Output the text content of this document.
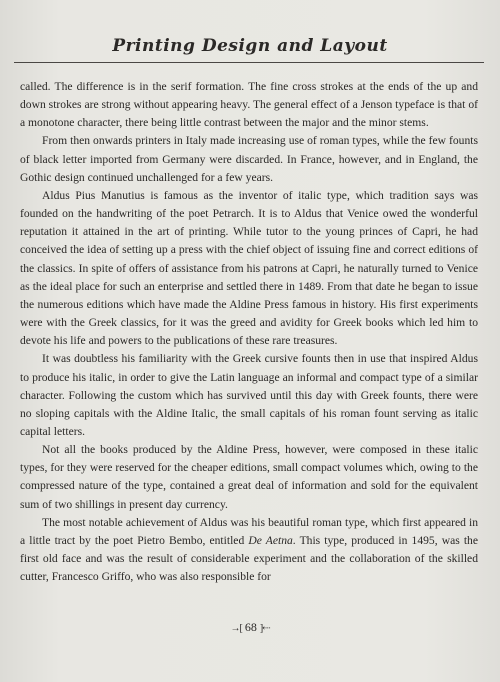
Printing Design and Layout

called. The difference is in the serif formation. The fine cross strokes at the ends of the up and down strokes are strong without appearing heavy. The general effect of a Jenson typeface is that of a monotone character, there being little contrast between the major and the minor stems.

From then onwards printers in Italy made increasing use of roman types, while the few founts of black letter imported from Germany were discarded. In France, however, and in England, the Gothic design continued unchallenged for a few years.

Aldus Pius Manutius is famous as the inventor of italic type, which tradition says was founded on the handwriting of the poet Petrarch. It is to Aldus that Venice owed the wonderful reputation it attained in the art of printing. While tutor to the young princes of Capri, he had conceived the idea of setting up a press with the chief object of issuing fine and correct editions of the classics. In spite of offers of assistance from his patrons at Capri, he naturally turned to Venice as the ideal place for such an enterprise and settled there in 1489. From that date he began to issue the numerous editions which have made the Aldine Press famous in history. His first experiments were with the Greek classics, for it was the greed and avidity for Greek books which led him to devote his life and powers to the publications of these rare treasures.

It was doubtless his familiarity with the Greek cursive founts then in use that inspired Aldus to produce his italic, in order to give the Latin language an informal and compact type of a similar character. Following the custom which has survived until this day with Greek founts, there were no sloping capitals with the Aldine Italic, the small capitals of his roman fount serving as italic capital letters.

Not all the books produced by the Aldine Press, however, were composed in these italic types, for they were reserved for the cheaper editions, small compact volumes which, owing to the compressed nature of the type, contained a great deal of information and sold for the equivalent sum of two shillings in present day currency.

The most notable achievement of Aldus was his beautiful roman type, which first appeared in a little tract by the poet Pietro Bembo, entitled De Aetna. This type, produced in 1495, was the first old face and was the result of considerable experiment and the collaboration of the skilled cutter, Francesco Griffo, who was also responsible for

→[ 68 ]⇠
